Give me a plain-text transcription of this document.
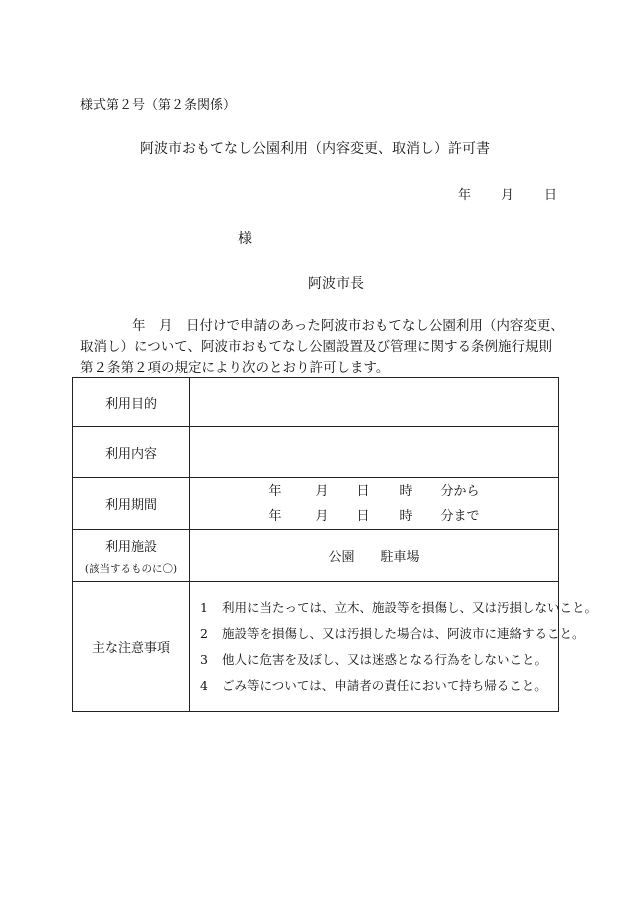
様式第２号（第２条関係）
阿波市おもてなし公園利用（内容変更、取消し）許可書
年 月 日
様
阿波市長
年　月　日付けで申請のあった阿波市おもてなし公園利用（内容変更、
取消し）について、阿波市おもてなし公園設置及び管理に関する条例施行規則
第２条第２項の規定により次のとおり許可します。
利用目的	
利用内容	
利用期間	年 月 日 時 分から
年 月 日 時 分まで

利用施設
(該当するものに〇)	公園 駐車場
主な注意事項	1 利用に当たっては、立木、施設等を損傷し、又は汚損しないこと。
2 施設等を損傷し、又は汚損した場合は、阿波市に連絡すること。
3 他人に危害を及ぼし、又は迷惑となる行為をしないこと。
4 ごみ等については、申請者の責任において持ち帰ること。
